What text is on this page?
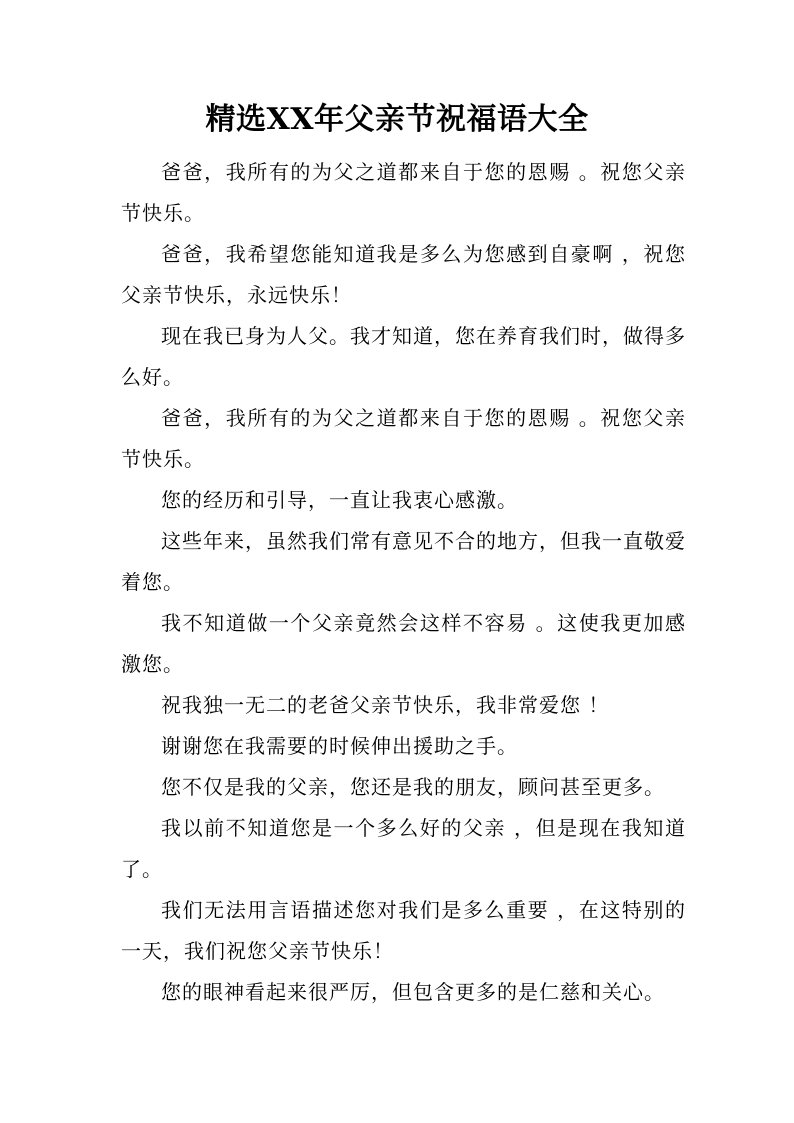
精选XX年父亲节祝福语大全

爸爸，我所有的为父之道都来自于您的恩赐 。祝您父亲节快乐。

爸爸，我希望您能知道我是多么为您感到自豪啊 ，祝您父亲节快乐，永远快乐！

现在我已身为人父。我才知道，您在养育我们时，做得多么好。

爸爸，我所有的为父之道都来自于您的恩赐 。祝您父亲节快乐。

您的经历和引导，一直让我衷心感激。

这些年来，虽然我们常有意见不合的地方，但我一直敬爱着您。

我不知道做一个父亲竟然会这样不容易 。这使我更加感激您。

祝我独一无二的老爸父亲节快乐，我非常爱您 ！

谢谢您在我需要的时候伸出援助之手。

您不仅是我的父亲，您还是我的朋友，顾问甚至更多。

我以前不知道您是一个多么好的父亲 ，但是现在我知道了。

我们无法用言语描述您对我们是多么重要 ，在这特别的一天，我们祝您父亲节快乐！

您的眼神看起来很严厉，但包含更多的是仁慈和关心。
